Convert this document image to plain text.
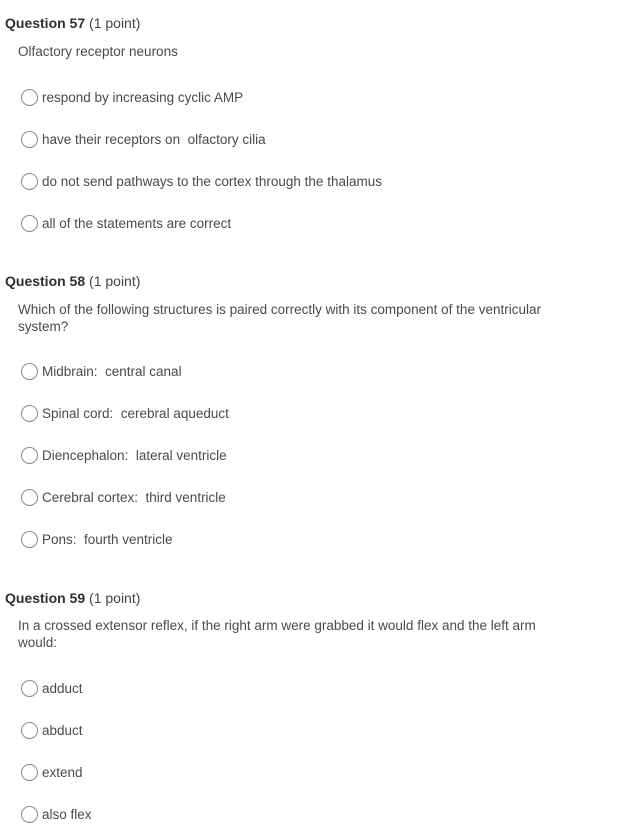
Question 57 (1 point)
Olfactory receptor neurons
respond by increasing cyclic AMP
have their receptors on  olfactory cilia
do not send pathways to the cortex through the thalamus
all of the statements are correct
Question 58 (1 point)
Which of the following structures is paired correctly with its component of the ventricular system?
Midbrain:  central canal
Spinal cord:  cerebral aqueduct
Diencephalon:  lateral ventricle
Cerebral cortex:  third ventricle
Pons:  fourth ventricle
Question 59 (1 point)
In a crossed extensor reflex, if the right arm were grabbed it would flex and the left arm would:
adduct
abduct
extend
also flex
